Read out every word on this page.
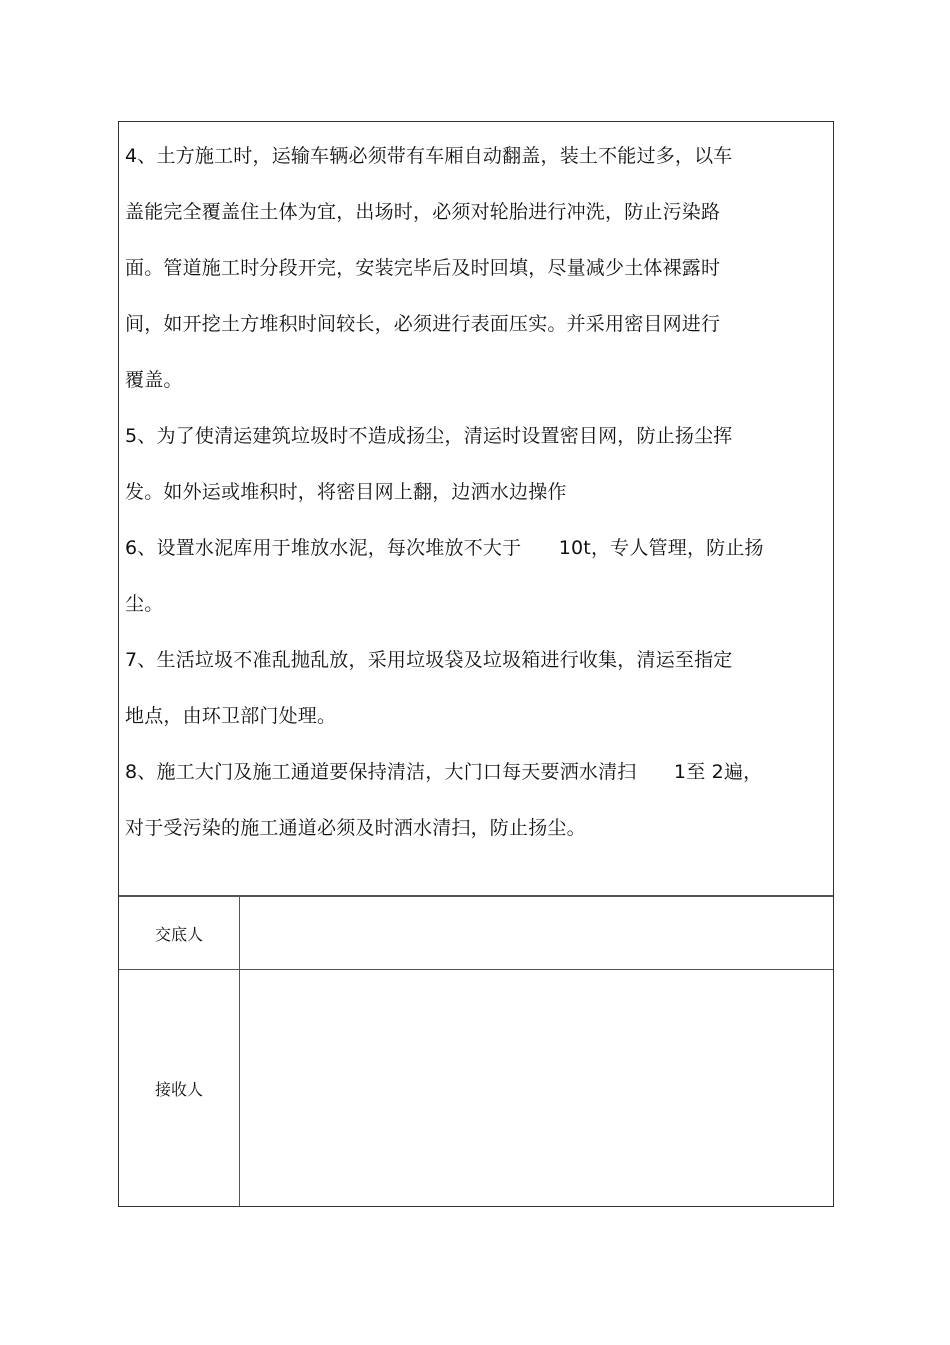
4、土方施工时，运输车辆必须带有车厢自动翻盖，装土不能过多，以车
盖能完全覆盖住土体为宜，出场时，必须对轮胎进行冲洗，防止污染路
面。管道施工时分段开完，安装完毕后及时回填，尽量减少土体裸露时
间，如开挖土方堆积时间较长，必须进行表面压实。并采用密目网进行
覆盖。
5、为了使清运建筑垃圾时不造成扬尘，清运时设置密目网，防止扬尘挥
发。如外运或堆积时，将密目网上翻，边洒水边操作
6、设置水泥库用于堆放水泥，每次堆放不大于      10t，专人管理，防止扬
尘。
7、生活垃圾不准乱抛乱放，采用垃圾袋及垃圾箱进行收集，清运至指定
地点，由环卫部门处理。
8、施工大门及施工通道要保持清洁，大门口每天要洒水清扫      1至 2遍，
对于受污染的施工通道必须及时洒水清扫，防止扬尘。
交底人
接收人
